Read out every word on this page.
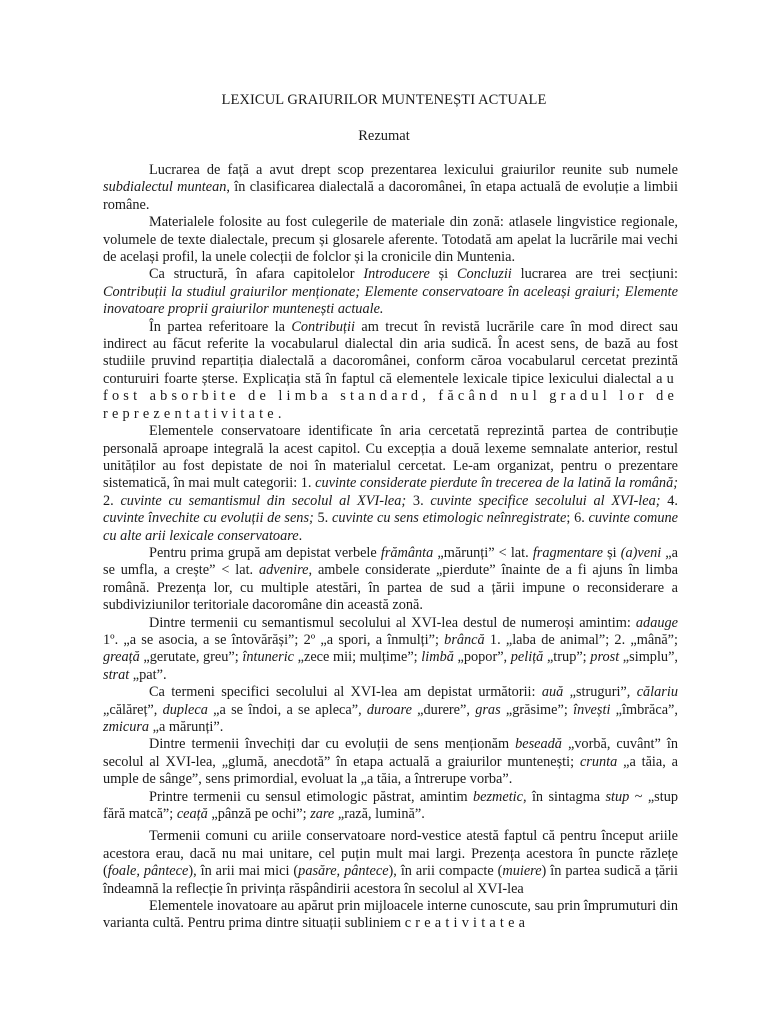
LEXICUL GRAIURILOR MUNTENEȘTI ACTUALE
Rezumat

Lucrarea de față a avut drept scop prezentarea lexicului graiurilor reunite sub numele subdialectul muntean, în clasificarea dialectală a dacoromânei, în etapa actuală de evoluție a limbii române.

Materialele folosite au fost culegerile de materiale din zonă: atlasele lingvistice regionale, volumele de texte dialectale, precum și glosarele aferente. Totodată am apelat la lucrările mai vechi de același profil, la unele colecții de folclor și la cronicile din Muntenia.

Ca structură, în afara capitolelor Introducere și Concluzii lucrarea are trei secțiuni: Contribuții la studiul graiurilor menționate; Elemente conservatoare în aceleași graiuri; Elemente inovatoare proprii graiurilor muntenești actuale.

În partea referitoare la Contribuții am trecut în revistă lucrările care în mod direct sau indirect au făcut referite la vocabularul dialectal din aria sudică. În acest sens, de bază au fost studiile pruvind repartiția dialectală a dacoromânei, conform căroa vocabularul cercetat prezintă conturuiri foarte șterse. Explicația stă în faptul că elementele lexicale tipice lexicului dialectal au fost absorbite de limba standard, făcând nul gradul lor de reprezentativitate.

Elementele conservatoare identificate în aria cercetată reprezintă partea de contribuție personală aproape integrală la acest capitol. Cu excepția a două lexeme semnalate anterior, restul unităților au fost depistate de noi în materialul cercetat. Le-am organizat, pentru o prezentare sistematică, în mai mult categorii: 1. cuvinte considerate pierdute în trecerea de la latină la română; 2. cuvinte cu semantismul din secolul al XVI-lea; 3. cuvinte specifice secolului al XVI-lea; 4. cuvinte învechite cu evoluții de sens; 5. cuvinte cu sens etimologic neînregistrate; 6. cuvinte comune cu alte arii lexicale conservatoare.

Pentru prima grupă am depistat verbele frământa „mărunți” < lat. fragmentare și (a)veni „a se umfla, a crește” < lat. advenire, ambele considerate „pierdute” înainte de a fi ajuns în limba română. Prezența lor, cu multiple atestări, în partea de sud a țării impune o reconsiderare a subdiviziunilor teritoriale dacoromâne din această zonă.

Dintre termenii cu semantismul secolului al XVI-lea destul de numeroși amintim: adauge 1º. „a se asocia, a se întovărăși”; 2º „a spori, a înmulți”; brâncă 1. „laba de animal”; 2. „mână”; greață „gerutate, greu”; întuneric „zece mii; mulțime”; limbă „popor”, peliță „trup”; prost „simplu”, strat „pat”.

Ca termeni specifici secolului al XVI-lea am depistat următorii: auă „struguri”, călariu „călăreț”, dupleca „a se îndoi, a se apleca”, duroare „durere”, gras „grăsime”; învești „îmbrăca”, zmicura „a mărunți”.

Dintre termenii învechiți dar cu evoluții de sens menționăm beseadă „vorbă, cuvânt” în secolul al XVI-lea, „glumă, anecdotă” în etapa actuală a graiurilor muntenești; crunta „a tăia, a umple de sânge”, sens primordial, evoluat la „a tăia, a întrerupe vorba”.

Printre termenii cu sensul etimologic păstrat, amintim bezmetic, în sintagma stup ~ „stup fără matcă”; ceață „pânză pe ochi”; zare „rază, lumină”.

Termenii comuni cu ariile conservatoare nord-vestice atestă faptul că pentru început ariile acestora erau, dacă nu mai unitare, cel puțin mult mai largi. Prezența acestora în puncte răzlețe (foale, pântece), în arii mai mici (pasăre, pântece), în arii compacte (muiere) în partea sudică a țării îndeamnă la reflecție în privința răspândirii acestora în secolul al XVI-lea

Elementele inovatoare au apărut prin mijloacele interne cunoscute, sau prin împrumuturi din varianta cultă. Pentru prima dintre situații subliniem creativitatea
